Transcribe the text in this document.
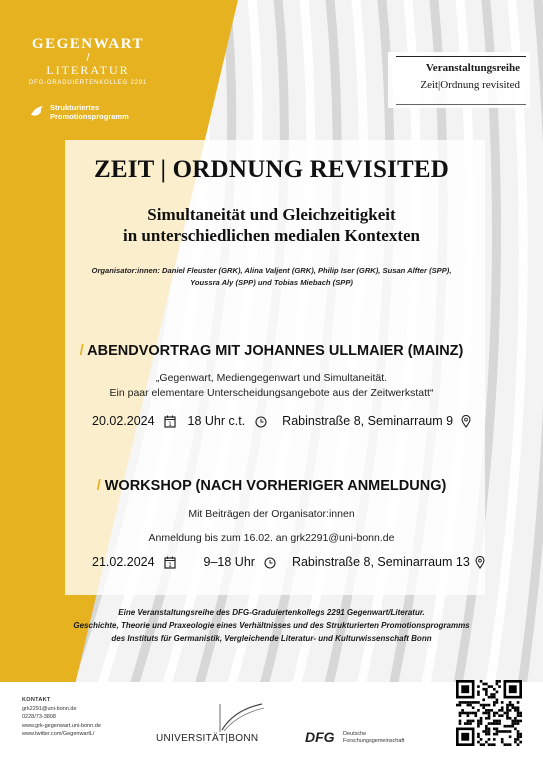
GEGENWART
/
LITERATUR
DFG-GRADUIERTENKOLLEG 2291
Strukturiertes
Promotionsprogramm
Veranstaltungsreihe
Zeit|Ordnung revisited
ZEIT | ORDNUNG REVISITED
Simultaneität und Gleichzeitigkeit
in unterschiedlichen medialen Kontexten
Organisator:innen: Daniel Fleuster (GRK), Alina Valjent (GRK), Philip Iser (GRK), Susan Alfter (SPP),
Youssra Aly (SPP) und Tobias Miebach (SPP)
/ ABENDVORTRAG MIT JOHANNES ULLMAIER (MAINZ)
„Gegenwart, Mediengegenwart und Simultaneität.
Ein paar elementare Unterscheidungsangebote aus der Zeitwerkstatt“
20.02.2024 1 18 Uhr c.t.	Rabinstraße 8, Seminarraum 9
/ WORKSHOP (NACH VORHERIGER ANMELDUNG)
Mit Beiträgen der Organisator:innen
Anmeldung bis zum 16.02. an grk2291@uni-bonn.de
21.02.2024 1	9–18 Uhr	Rabinstraße 8, Seminarraum 13
Eine Veranstaltungsreihe des DFG-Graduiertenkollegs 2291 Gegenwart/Literatur.
Geschichte, Theorie und Praxeologie eines Verhältnisses und des Strukturierten Promotionsprogramms
des Instituts für Germanistik, Vergleichende Literatur- und Kulturwissenschaft Bonn
KONTAKT
grk2291@uni-bonn.de
0228/73-3808
www.grk-gegenwart.uni-bonn.de
www.twitter.com/GegenwartL/	UNIVERSITÄT|BONN	DFG Deutsche
Forschungsgemeinschaft
